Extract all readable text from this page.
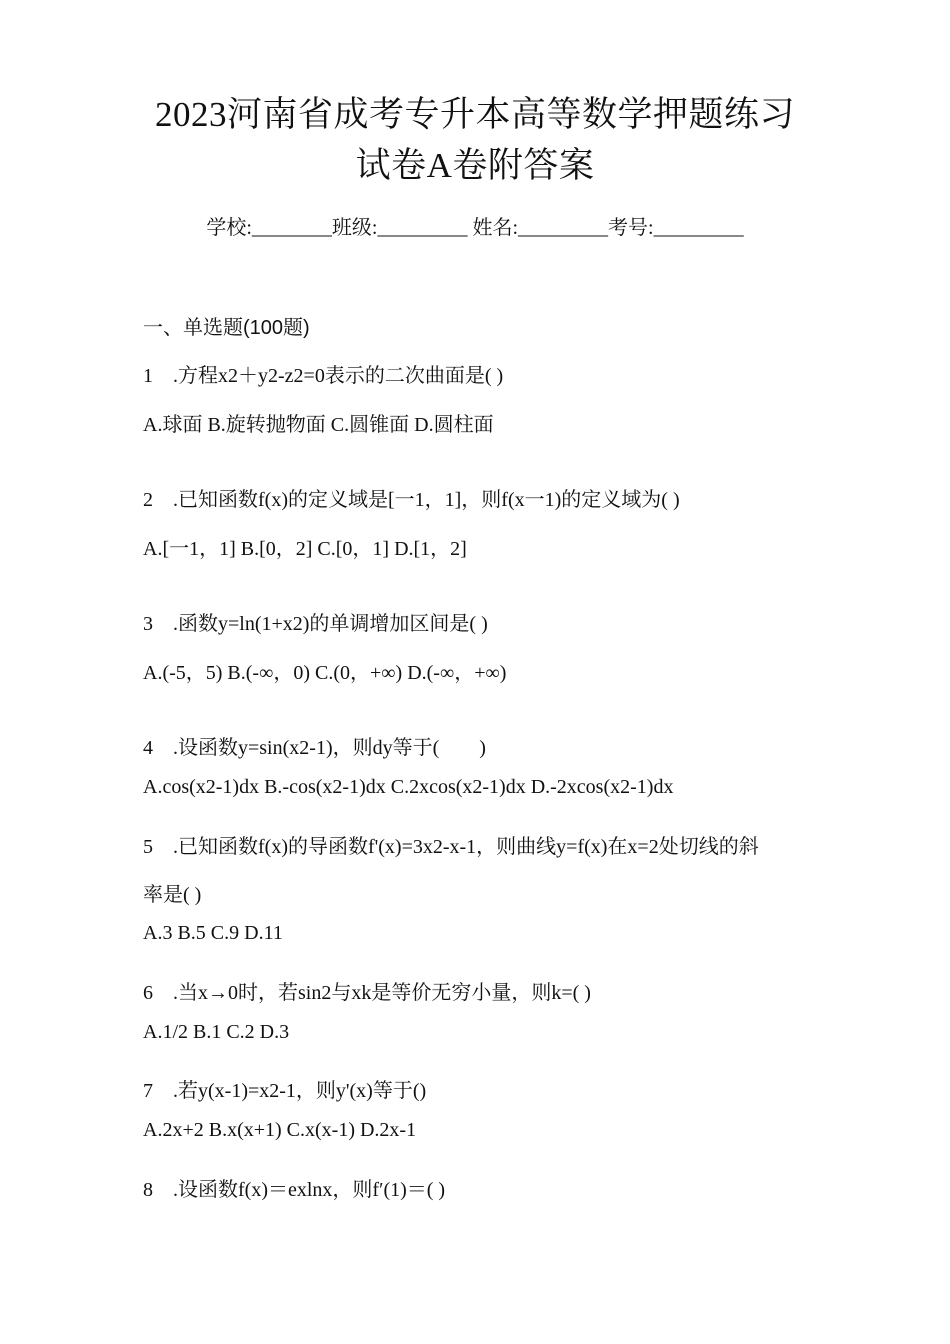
2023河南省成考专升本高等数学押题练习
试卷A卷附答案
学校:________班级:_________ 姓名:_________考号:_________
一、单选题(100题)
1 .方程x2＋y2-z2=0表示的二次曲面是( )
A.球面 B.旋转抛物面 C.圆锥面 D.圆柱面
2 .已知函数f(x)的定义域是[一1，1]，则f(x一1)的定义域为( )
A.[一1，1] B.[0，2] C.[0，1] D.[1，2]
3 .函数y=ln(1+x2)的单调增加区间是( )
A.(-5，5) B.(-∞，0) C.(0，+∞) D.(-∞，+∞)
4 .设函数y=sin(x2-1)，则dy等于(　　)
A.cos(x2-1)dx B.-cos(x2-1)dx C.2xcos(x2-1)dx D.-2xcos(x2-1)dx
5 .已知函数f(x)的导函数f'(x)=3x2-x-1，则曲线y=f(x)在x=2处切线的斜
率是( )
A.3 B.5 C.9 D.11
6 .当x→0时，若sin2与xk是等价无穷小量，则k=( )
A.1/2 B.1 C.2 D.3
7 .若y(x-1)=x2-1，则y'(x)等于()
A.2x+2 B.x(x+1) C.x(x-1) D.2x-1
8 .设函数f(x)＝exlnx，则f′(1)＝( )
